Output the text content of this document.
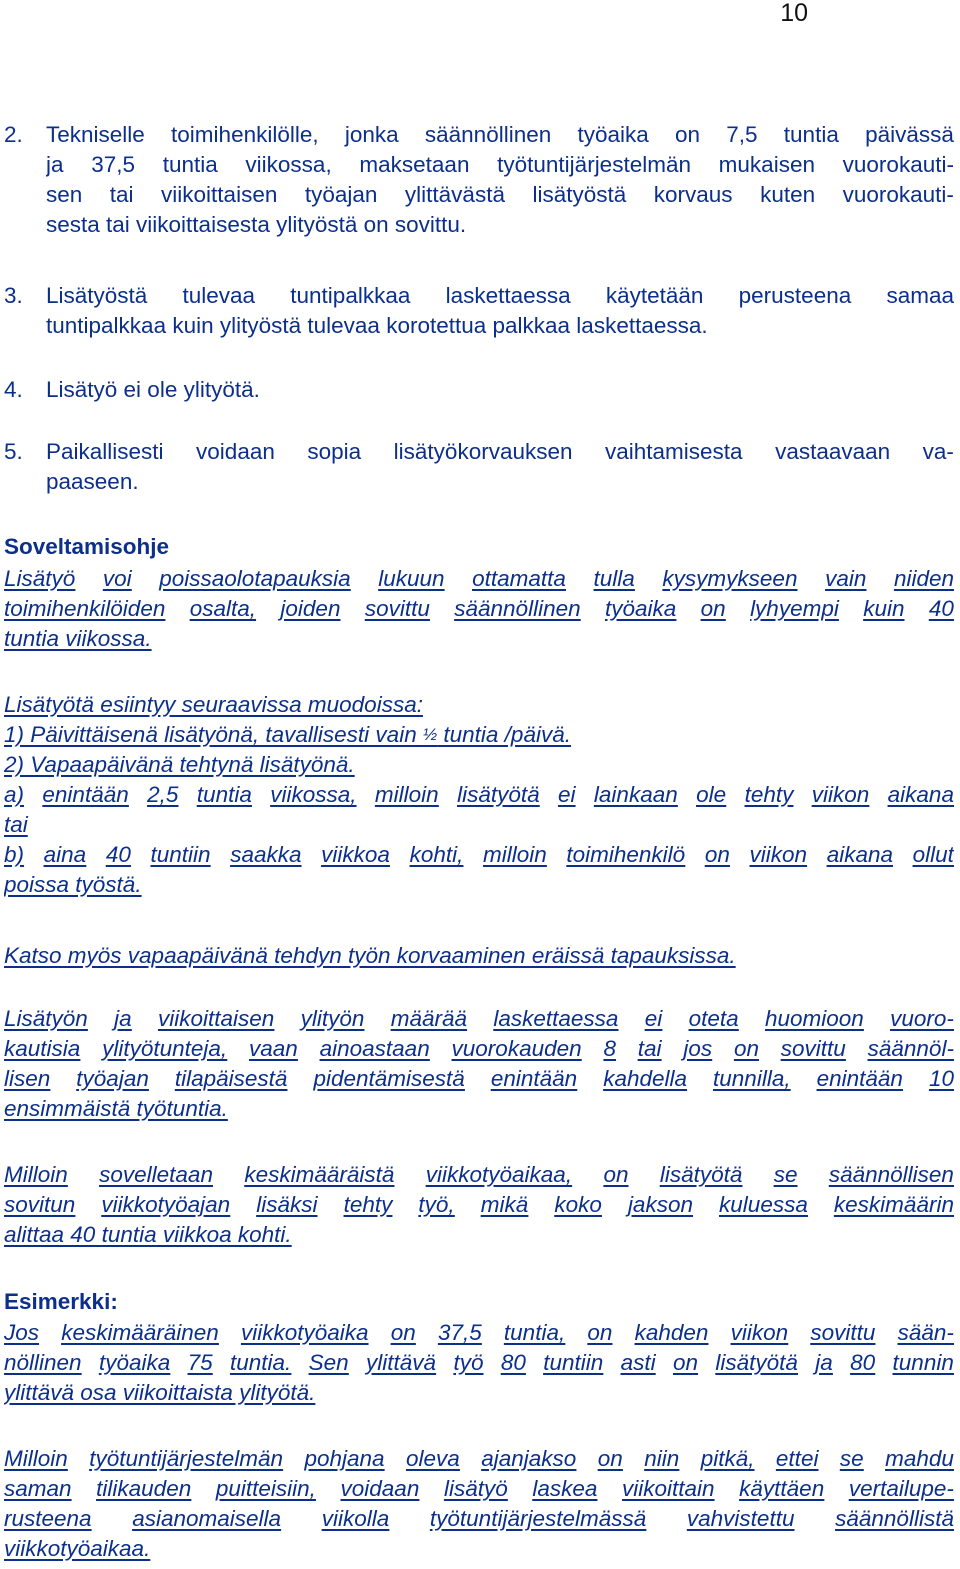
10
2.	Tekniselle toimihenkilölle, jonka säännöllinen työaika on 7,5 tuntia päivässä
ja 37,5 tuntia viikossa, maksetaan työtuntijärjestelmän mukaisen vuorokauti-
sen tai viikoittaisen työajan ylittävästä lisätyöstä korvaus kuten vuorokauti-
sesta tai viikoittaisesta ylityöstä on sovittu.
3.	Lisätyöstä tulevaa tuntipalkkaa laskettaessa käytetään perusteena samaa
tuntipalkkaa kuin ylityöstä tulevaa korotettua palkkaa laskettaessa.
4.	Lisätyö ei ole ylityötä.
5.	Paikallisesti voidaan sopia lisätyökorvauksen vaihtamisesta vastaavaan va-
paaseen.
Soveltamisohje
Lisätyö voi poissaolotapauksia lukuun ottamatta tulla kysymykseen vain niiden
toimihenkilöiden osalta, joiden sovittu säännöllinen työaika on lyhyempi kuin 40
tuntia viikossa.
Lisätyötä esiintyy seuraavissa muodoissa:
1) Päivittäisenä lisätyönä, tavallisesti vain ½ tuntia /päivä.
2) Vapaapäivänä tehtynä lisätyönä.
a) enintään 2,5 tuntia viikossa, milloin lisätyötä ei lainkaan ole tehty viikon aikana
tai
b) aina 40 tuntiin saakka viikkoa kohti, milloin toimihenkilö on viikon aikana ollut
poissa työstä.
Katso myös vapaapäivänä tehdyn työn korvaaminen eräissä tapauksissa.
Lisätyön ja viikoittaisen ylityön määrää laskettaessa ei oteta huomioon vuoro-
kautisia ylityötunteja, vaan ainoastaan vuorokauden 8 tai jos on sovittu säännöl-
lisen työajan tilapäisestä pidentämisestä enintään kahdella tunnilla, enintään 10
ensimmäistä työtuntia.
Milloin sovelletaan keskimääräistä viikkotyöaikaa, on lisätyötä se säännöllisen
sovitun viikkotyöajan lisäksi tehty työ, mikä koko jakson kuluessa keskimäärin
alittaa 40 tuntia viikkoa kohti.
Esimerkki:
Jos keskimääräinen viikkotyöaika on 37,5 tuntia, on kahden viikon sovittu sään-
nöllinen työaika 75 tuntia. Sen ylittävä työ 80 tuntiin asti on lisätyötä ja 80 tunnin
ylittävä osa viikoittaista ylityötä.
Milloin työtuntijärjestelmän pohjana oleva ajanjakso on niin pitkä, ettei se mahdu
saman tilikauden puitteisiin, voidaan lisätyö laskea viikoittain käyttäen vertailupe-
rusteena asianomaisella viikolla työtuntijärjestelmässä vahvistettu säännöllistä
viikkotyöaikaa.
